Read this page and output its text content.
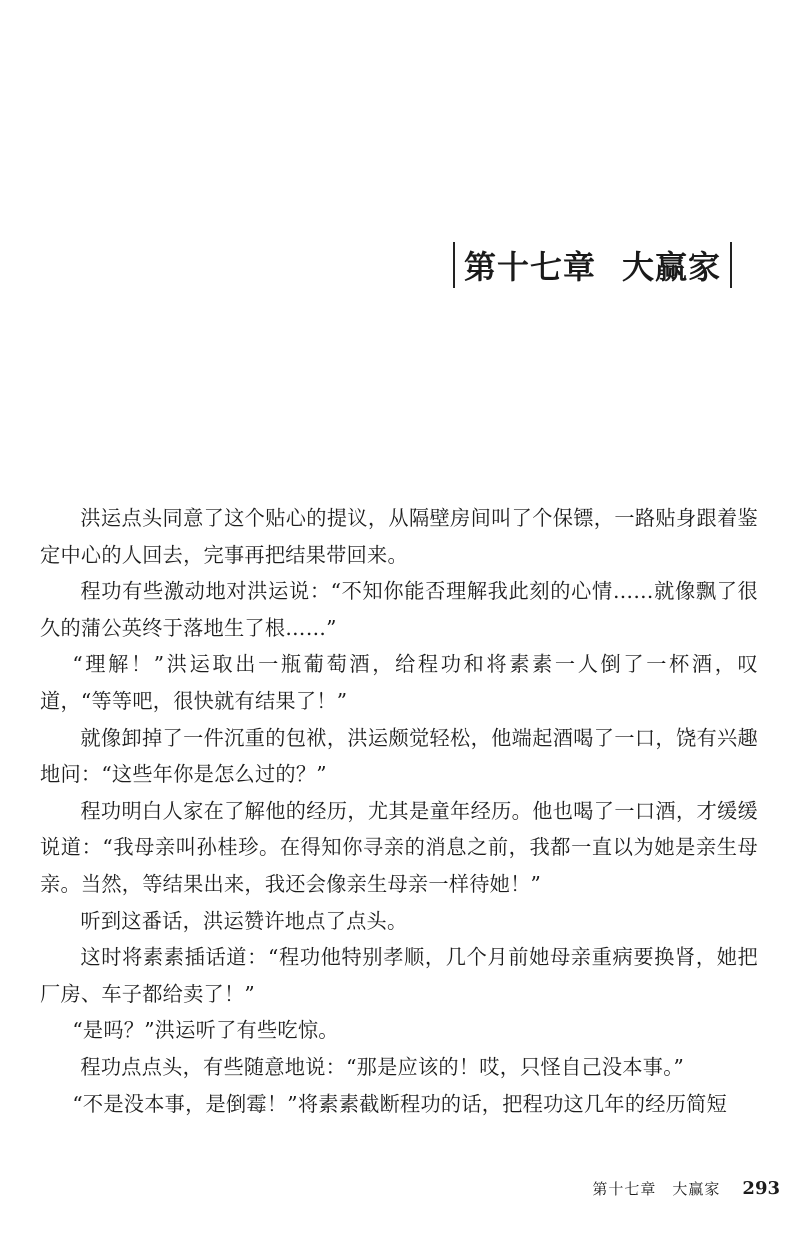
第十七章 大赢家

洪运点头同意了这个贴心的提议，从隔壁房间叫了个保镖，一路贴身跟着鉴定中心的人回去，完事再把结果带回来。

程功有些激动地对洪运说：“不知你能否理解我此刻的心情……就像飘了很久的蒲公英终于落地生了根……”

“理解！”洪运取出一瓶葡萄酒，给程功和将素素一人倒了一杯酒，叹道，“等等吧，很快就有结果了！”

就像卸掉了一件沉重的包袱，洪运颇觉轻松，他端起酒喝了一口，饶有兴趣地问：“这些年你是怎么过的？”

程功明白人家在了解他的经历，尤其是童年经历。他也喝了一口酒，才缓缓说道：“我母亲叫孙桂珍。在得知你寻亲的消息之前，我都一直以为她是亲生母亲。当然，等结果出来，我还会像亲生母亲一样待她！”

听到这番话，洪运赞许地点了点头。

这时将素素插话道：“程功他特别孝顺，几个月前她母亲重病要换肾，她把厂房、车子都给卖了！”

“是吗？”洪运听了有些吃惊。

程功点点头，有些随意地说：“那是应该的！哎，只怪自己没本事。”

“不是没本事，是倒霉！”将素素截断程功的话，把程功这几年的经历简短

第十七章　大赢家 293
